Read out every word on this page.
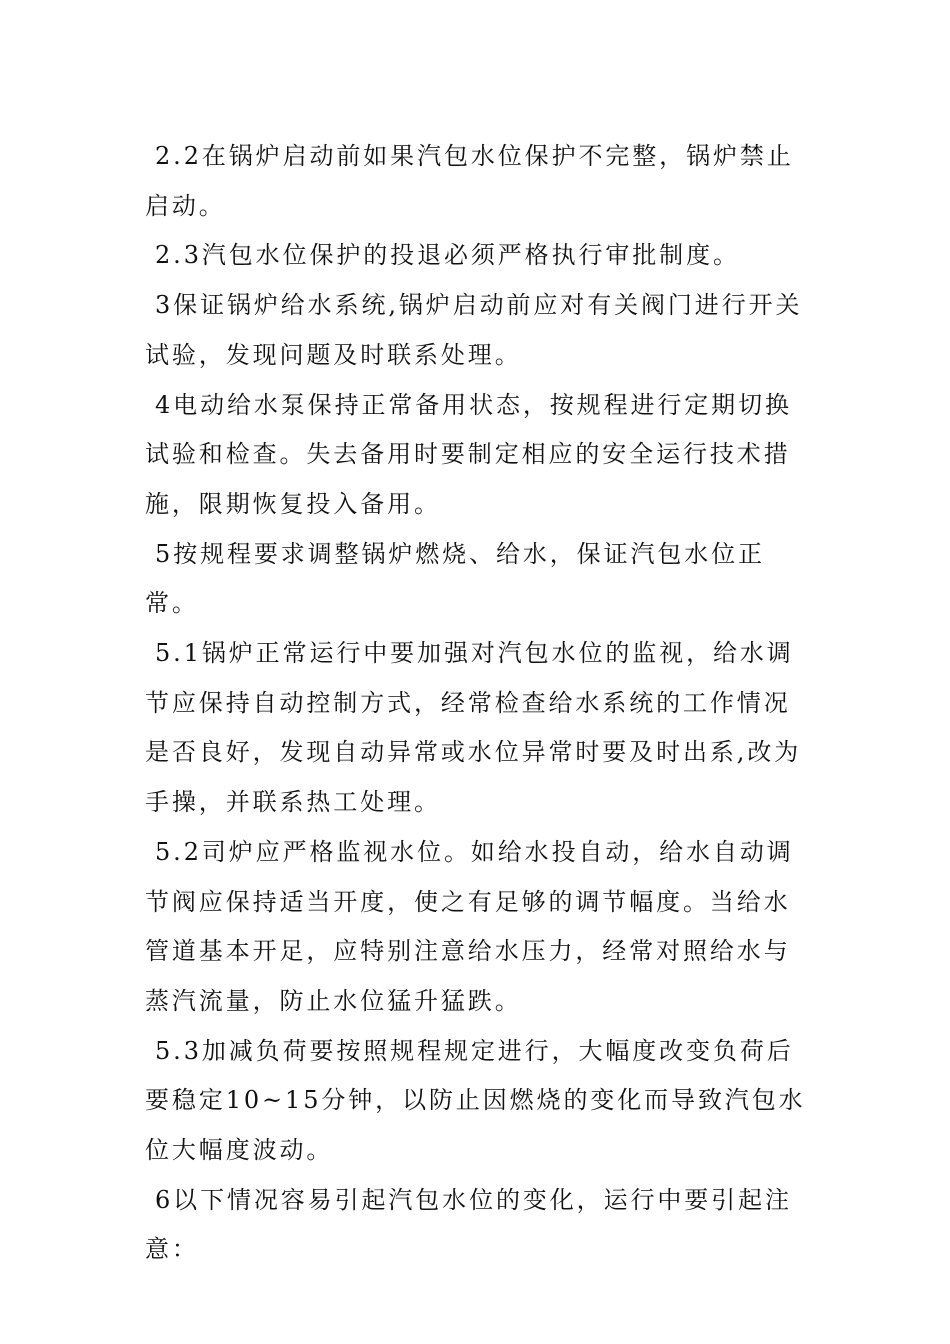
2.2在锅炉启动前如果汽包水位保护不完整，锅炉禁止启动。

2.3汽包水位保护的投退必须严格执行审批制度。

3保证锅炉给水系统,锅炉启动前应对有关阀门进行开关试验，发现问题及时联系处理。

4电动给水泵保持正常备用状态，按规程进行定期切换试验和检查。失去备用时要制定相应的安全运行技术措施，限期恢复投入备用。

5按规程要求调整锅炉燃烧、给水，保证汽包水位正常。

5.1锅炉正常运行中要加强对汽包水位的监视，给水调节应保持自动控制方式，经常检查给水系统的工作情况是否良好，发现自动异常或水位异常时要及时出系,改为手操，并联系热工处理。

5.2司炉应严格监视水位。如给水投自动，给水自动调节阀应保持适当开度，使之有足够的调节幅度。当给水管道基本开足，应特别注意给水压力，经常对照给水与蒸汽流量，防止水位猛升猛跌。

5.3加减负荷要按照规程规定进行，大幅度改变负荷后要稳定10~15分钟，以防止因燃烧的变化而导致汽包水位大幅度波动。

6以下情况容易引起汽包水位的变化，运行中要引起注意：
